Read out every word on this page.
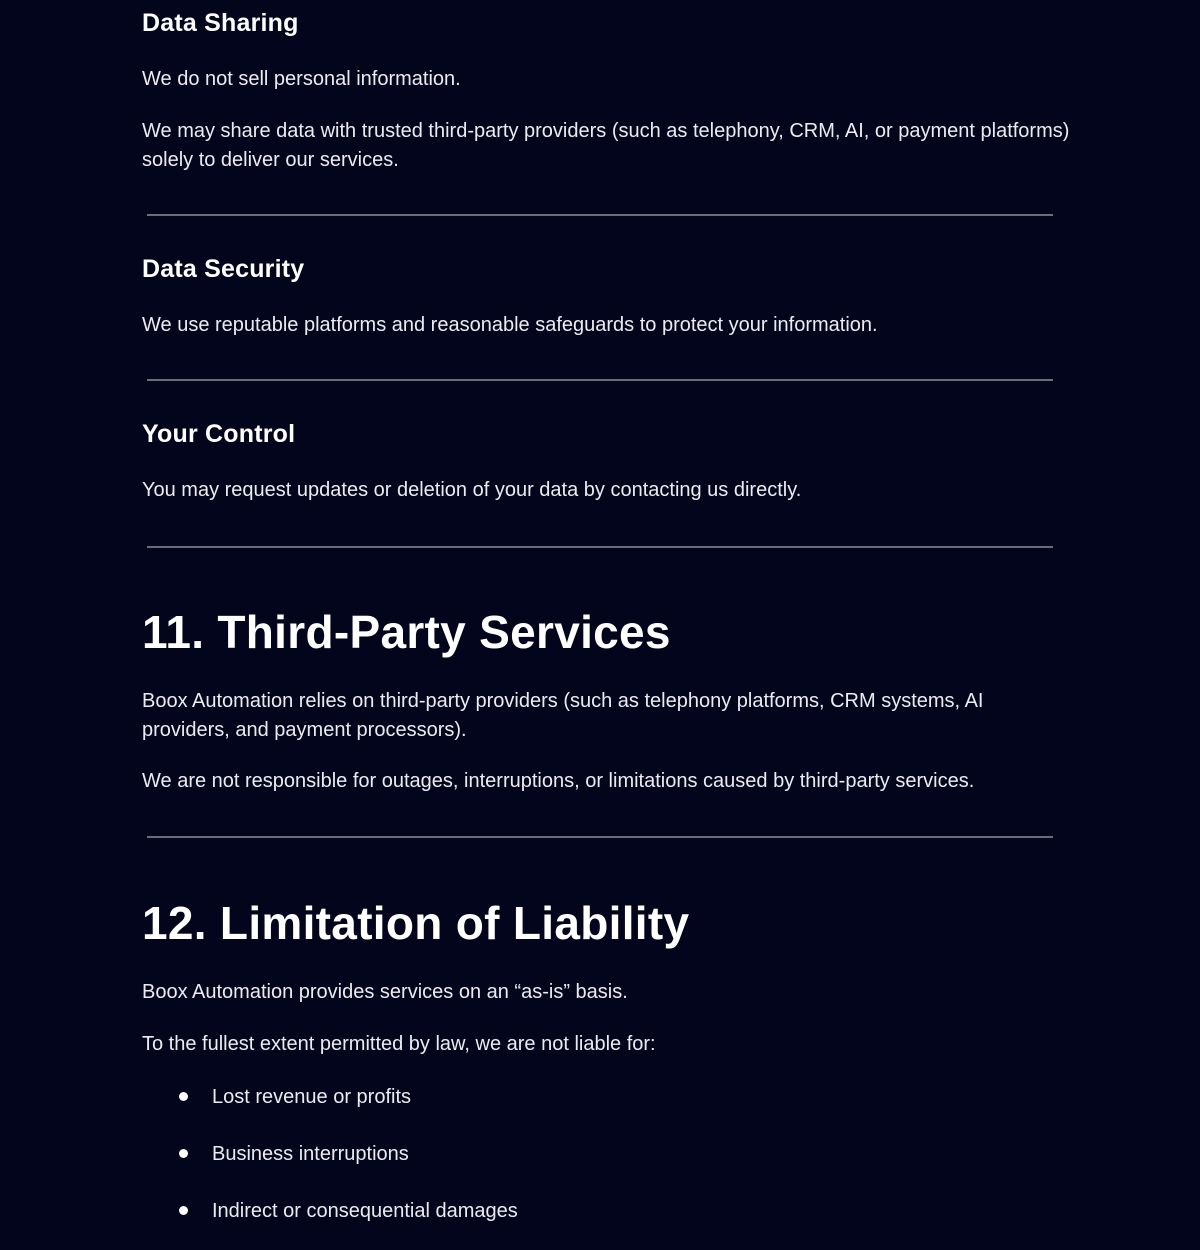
Data Sharing

We do not sell personal information.

We may share data with trusted third-party providers (such as telephony, CRM, AI, or payment platforms) solely to deliver our services.

Data Security

We use reputable platforms and reasonable safeguards to protect your information.

Your Control

You may request updates or deletion of your data by contacting us directly.

11. Third-Party Services

Boox Automation relies on third-party providers (such as telephony platforms, CRM systems, AI providers, and payment processors).

We are not responsible for outages, interruptions, or limitations caused by third-party services.

12. Limitation of Liability

Boox Automation provides services on an “as-is” basis.

To the fullest extent permitted by law, we are not liable for:

Lost revenue or profits
Business interruptions
Indirect or consequential damages
